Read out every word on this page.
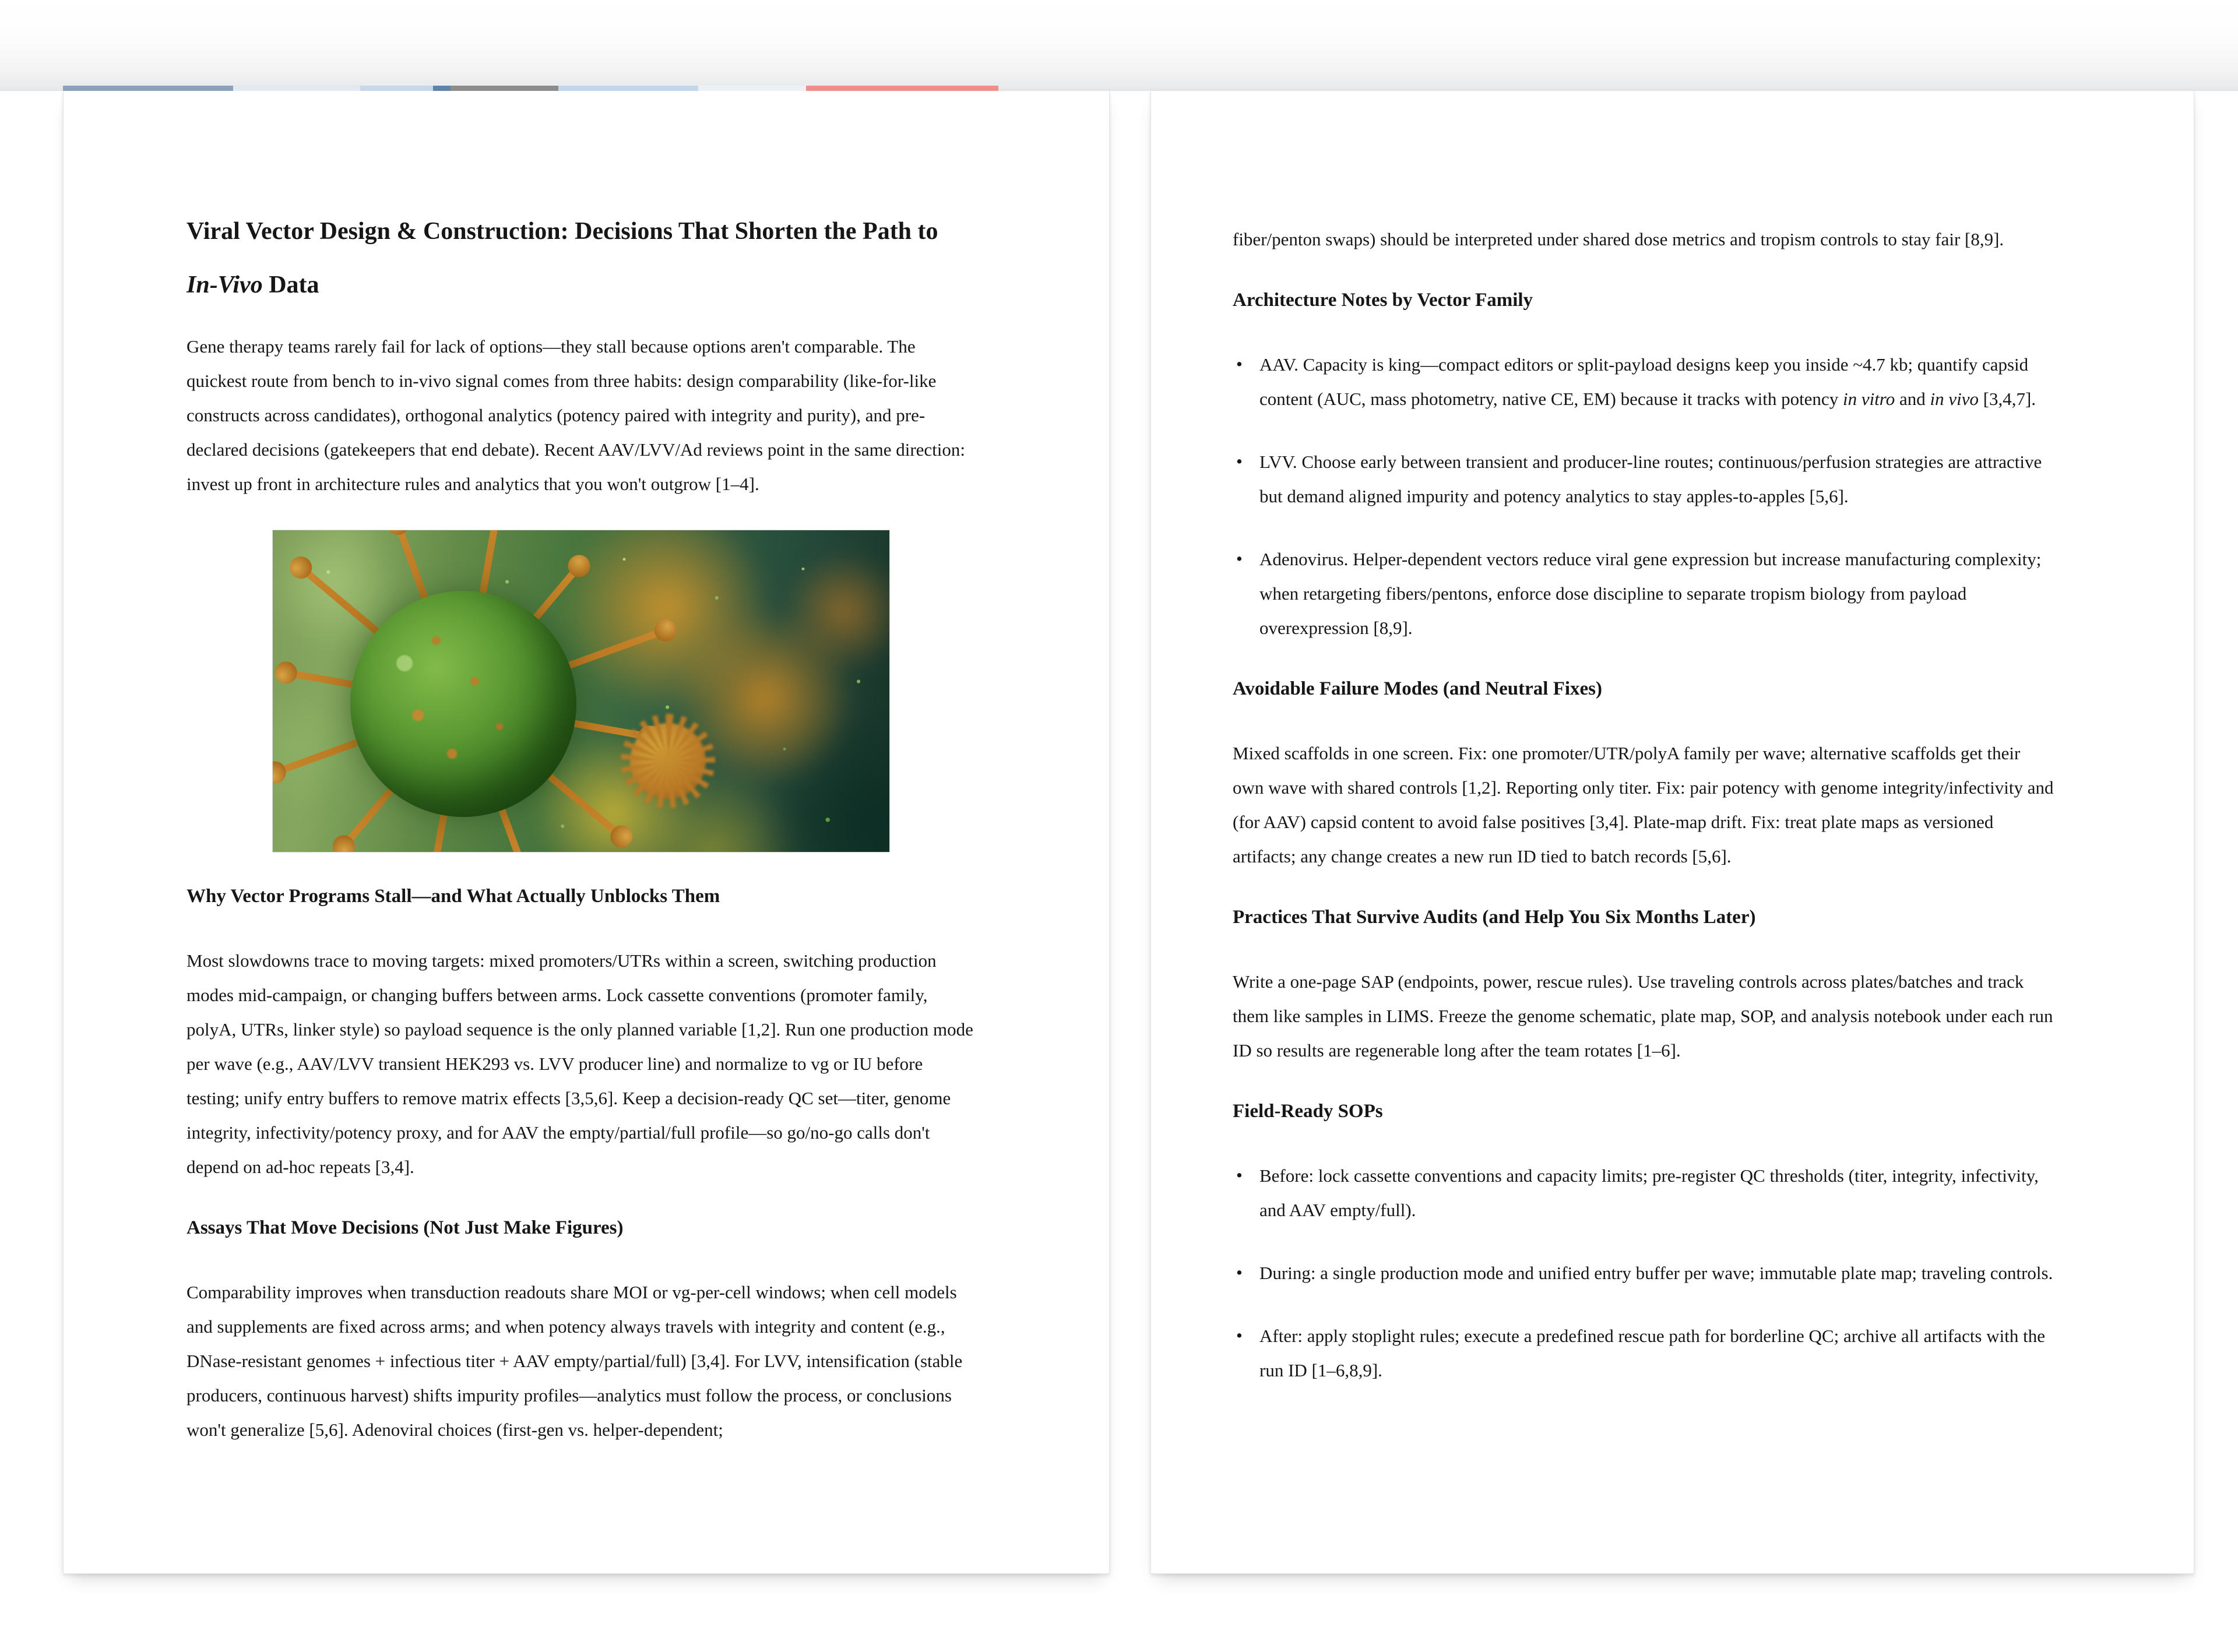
Viral Vector Design & Construction: Decisions That Shorten the Path to In-Vivo Data

Gene therapy teams rarely fail for lack of options—they stall because options aren't comparable. The quickest route from bench to in-vivo signal comes from three habits: design comparability (like-for-like constructs across candidates), orthogonal analytics (potency paired with integrity and purity), and pre-declared decisions (gatekeepers that end debate). Recent AAV/LVV/Ad reviews point in the same direction: invest up front in architecture rules and analytics that you won't outgrow [1–4].

Why Vector Programs Stall—and What Actually Unblocks Them

Most slowdowns trace to moving targets: mixed promoters/UTRs within a screen, switching production modes mid-campaign, or changing buffers between arms. Lock cassette conventions (promoter family, polyA, UTRs, linker style) so payload sequence is the only planned variable [1,2]. Run one production mode per wave (e.g., AAV/LVV transient HEK293 vs. LVV producer line) and normalize to vg or IU before testing; unify entry buffers to remove matrix effects [3,5,6]. Keep a decision-ready QC set—titer, genome integrity, infectivity/potency proxy, and for AAV the empty/partial/full profile—so go/no-go calls don't depend on ad-hoc repeats [3,4].

Assays That Move Decisions (Not Just Make Figures)

Comparability improves when transduction readouts share MOI or vg-per-cell windows; when cell models and supplements are fixed across arms; and when potency always travels with integrity and content (e.g., DNase-resistant genomes + infectious titer + AAV empty/partial/full) [3,4]. For LVV, intensification (stable producers, continuous harvest) shifts impurity profiles—analytics must follow the process, or conclusions won't generalize [5,6]. Adenoviral choices (first-gen vs. helper-dependent;

fiber/penton swaps) should be interpreted under shared dose metrics and tropism controls to stay fair [8,9].

Architecture Notes by Vector Family
• AAV. Capacity is king—compact editors or split-payload designs keep you inside ~4.7 kb; quantify capsid content (AUC, mass photometry, native CE, EM) because it tracks with potency in vitro and in vivo [3,4,7].
• LVV. Choose early between transient and producer-line routes; continuous/perfusion strategies are attractive but demand aligned impurity and potency analytics to stay apples-to-apples [5,6].
• Adenovirus. Helper-dependent vectors reduce viral gene expression but increase manufacturing complexity; when retargeting fibers/pentons, enforce dose discipline to separate tropism biology from payload overexpression [8,9].
Avoidable Failure Modes (and Neutral Fixes)

Mixed scaffolds in one screen. Fix: one promoter/UTR/polyA family per wave; alternative scaffolds get their own wave with shared controls [1,2]. Reporting only titer. Fix: pair potency with genome integrity/infectivity and (for AAV) capsid content to avoid false positives [3,4]. Plate-map drift. Fix: treat plate maps as versioned artifacts; any change creates a new run ID tied to batch records [5,6].

Practices That Survive Audits (and Help You Six Months Later)

Write a one-page SAP (endpoints, power, rescue rules). Use traveling controls across plates/batches and track them like samples in LIMS. Freeze the genome schematic, plate map, SOP, and analysis notebook under each run ID so results are regenerable long after the team rotates [1–6].

Field-Ready SOPs
• Before: lock cassette conventions and capacity limits; pre-register QC thresholds (titer, integrity, infectivity, and AAV empty/full).
• During: a single production mode and unified entry buffer per wave; immutable plate map; traveling controls.
• After: apply stoplight rules; execute a predefined rescue path for borderline QC; archive all artifacts with the run ID [1–6,8,9].
